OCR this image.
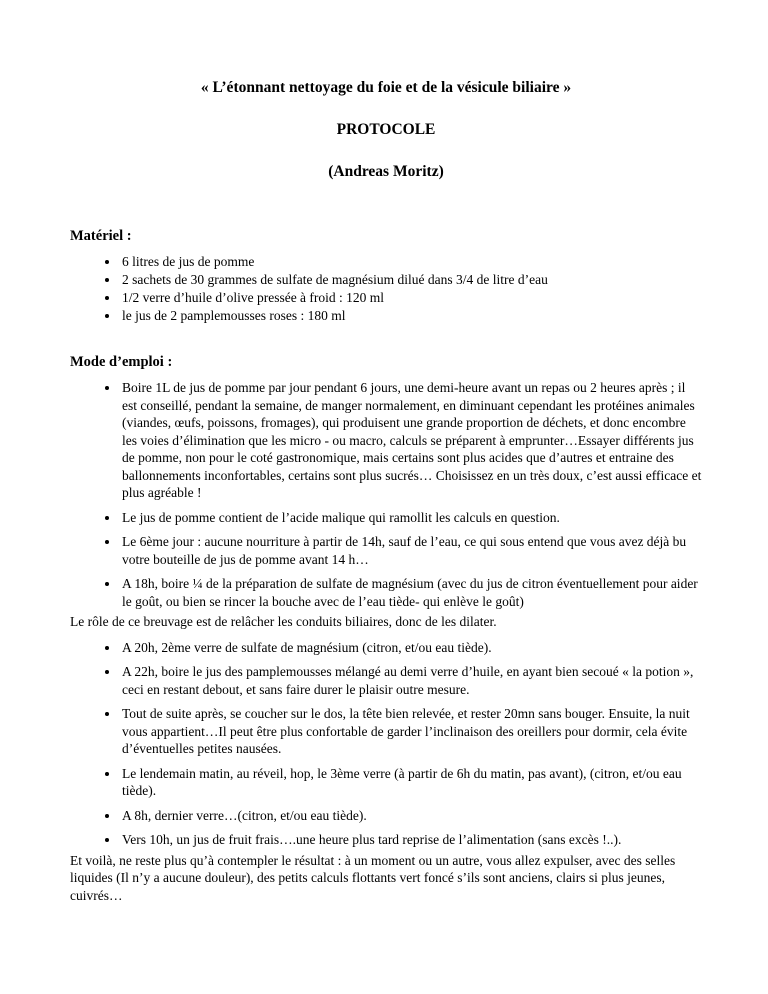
« L’étonnant nettoyage du foie et de la vésicule biliaire »
PROTOCOLE
(Andreas Moritz)
Matériel :
• 6 litres de jus de pomme
• 2 sachets de 30 grammes de sulfate de magnésium dilué dans 3/4 de litre d’eau
• 1/2 verre d’huile d’olive pressée à froid : 120 ml
• le jus de 2 pamplemousses roses : 180 ml
Mode d’emploi :
• Boire 1L de jus de pomme par jour pendant 6 jours, une demi-heure avant un repas ou 2 heures après ; il est conseillé, pendant la semaine, de manger normalement, en diminuant cependant les protéines animales (viandes, œufs, poissons, fromages), qui produisent une grande proportion de déchets, et donc encombre les voies d’élimination que les micro - ou macro, calculs se préparent à emprunter…Essayer différents jus de pomme, non pour le coté gastronomique, mais certains sont plus acides que d’autres et entraine des ballonnements inconfortables, certains sont plus sucrés… Choisissez en un très doux, c’est aussi efficace et plus agréable !
• Le jus de pomme contient de l’acide malique qui ramollit les calculs en question.
• Le 6ème jour : aucune nourriture à partir de 14h, sauf de l’eau, ce qui sous entend que vous avez déjà bu votre bouteille de jus de pomme avant 14 h…
• A 18h, boire ¼ de la préparation de sulfate de magnésium (avec du jus de citron éventuellement pour aider le goût, ou bien se rincer la bouche avec de l’eau tiède- qui enlève le goût)

Le rôle de ce breuvage est de relâcher les conduits biliaires, donc de les dilater.

• A 20h, 2ème verre de sulfate de magnésium (citron, et/ou eau tiède).
• A 22h, boire le jus des pamplemousses mélangé au demi verre d’huile, en ayant bien secoué « la potion », ceci en restant debout, et sans faire durer le plaisir outre mesure.
• Tout de suite après, se coucher sur le dos, la tête bien relevée, et rester 20mn sans bouger. Ensuite, la nuit vous appartient…Il peut être plus confortable de garder l’inclinaison des oreillers pour dormir, cela évite d’éventuelles petites nausées.
• Le lendemain matin, au réveil, hop, le 3ème verre (à partir de 6h du matin, pas avant), (citron, et/ou eau tiède).
• A 8h, dernier verre…(citron, et/ou eau tiède).
• Vers 10h, un jus de fruit frais….une heure plus tard reprise de l’alimentation (sans excès !..).

Et voilà, ne reste plus qu’à contempler le résultat : à un moment ou un autre, vous allez expulser, avec des selles liquides (Il n’y a aucune douleur), des petits calculs flottants vert foncé s’ils sont anciens, clairs si plus jeunes, cuivrés…
